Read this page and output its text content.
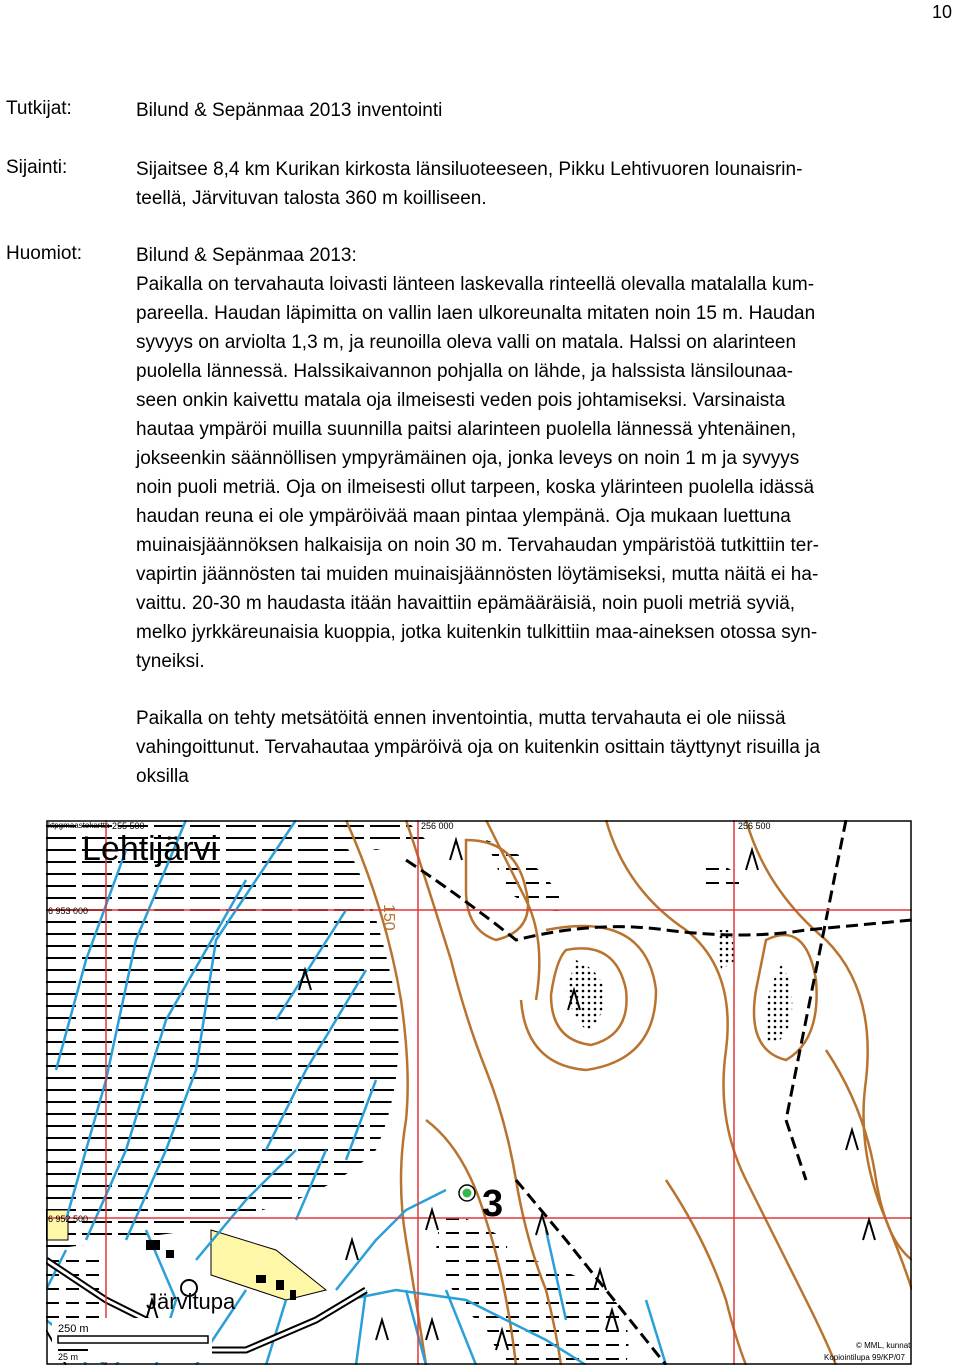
10
Tutkijat:	Bilund & Sepänmaa 2013 inventointi
Sijainti:	Sijaitsee 8,4 km Kurikan kirkosta länsiluoteeseen, Pikku Lehtivuoren lounaisrin-
teellä, Järvituvan talosta 360 m koilliseen.
Huomiot:	Bilund & Sepänmaa 2013:
Paikalla on tervahauta loivasti länteen laskevalla rinteellä olevalla matalalla kum-
pareella. Haudan läpimitta on vallin laen ulkoreunalta mitaten noin 15 m. Haudan
syvyys on arviolta 1,3 m, ja reunoilla oleva valli on matala. Halssi on alarinteen
puolella lännessä. Halssikaivannon pohjalla on lähde, ja halssista länsilounaa-
seen onkin kaivettu matala oja ilmeisesti veden pois johtamiseksi. Varsinaista
hautaa ympäröi muilla suunnilla paitsi alarinteen puolella lännessä yhtenäinen,
jokseenkin säännöllisen ympyrämäinen oja, jonka leveys on noin 1 m ja syvyys
noin puoli metriä. Oja on ilmeisesti ollut tarpeen, koska ylärinteen puolella idässä
haudan reuna ei ole ympäröivää maan pintaa ylempänä. Oja mukaan luettuna
muinaisjäännöksen halkaisija on noin 30 m. Tervahaudan ympäristöä tutkittiin ter-
vapirtin jäännösten tai muiden muinaisjäännösten löytämiseksi, mutta näitä ei ha-
vaittu. 20-30 m haudasta itään havaittiin epämääräisiä, noin puoli metriä syviä,
melko jyrkkäreunaisia kuoppia, jotka kuitenkin tulkittiin maa-aineksen otossa syn-
tyneiksi.
Paikalla on tehty metsätöitä ennen inventointia, mutta tervahauta ei ole niissä
vahingoittunut. Tervahautaa ympäröivä oja on kuitenkin osittain täyttynyt risuilla ja
oksilla
Lehtijärvi
Järvitupa
3
150
ktpgmaastokartta 255 500	256 000	256 500
6 953 000
6 952 500
250 m
25 m
© MML, kunnat
Kopiointilupa 99/KP/07
